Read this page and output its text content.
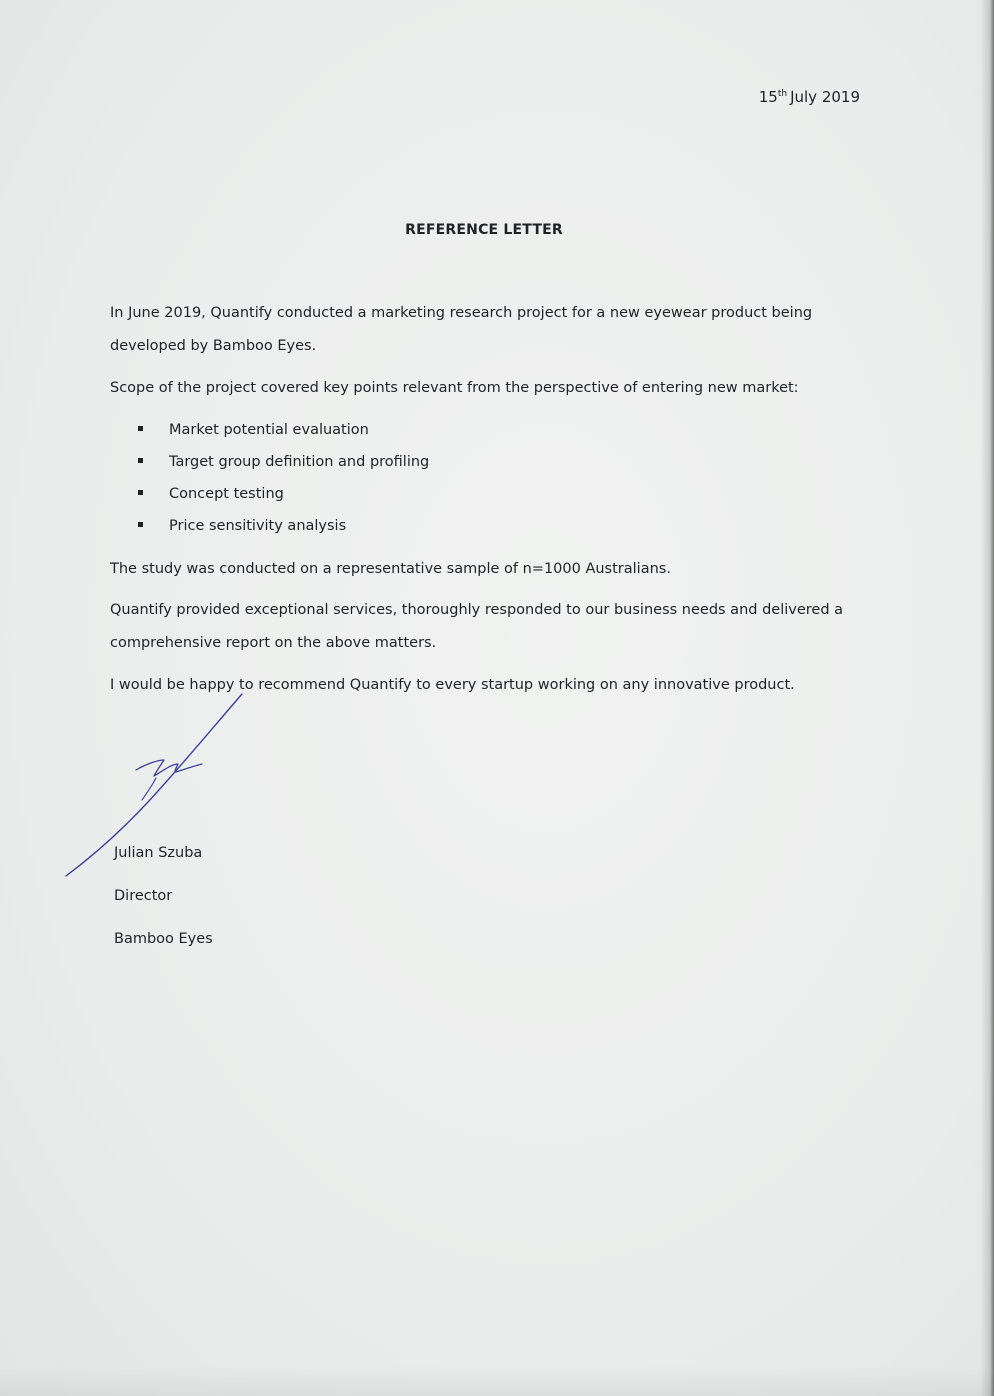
15th July 2019
REFERENCE LETTER

In June 2019, Quantify conducted a marketing research project for a new eyewear product being developed by Bamboo Eyes.

Scope of the project covered key points relevant from the perspective of entering new market:

Market potential evaluation
Target group definition and profiling
Concept testing
Price sensitivity analysis

The study was conducted on a representative sample of n=1000 Australians.

Quantify provided exceptional services, thoroughly responded to our business needs and delivered a comprehensive report on the above matters.

I would be happy to recommend Quantify to every startup working on any innovative product.

Julian Szuba
Director
Bamboo Eyes
